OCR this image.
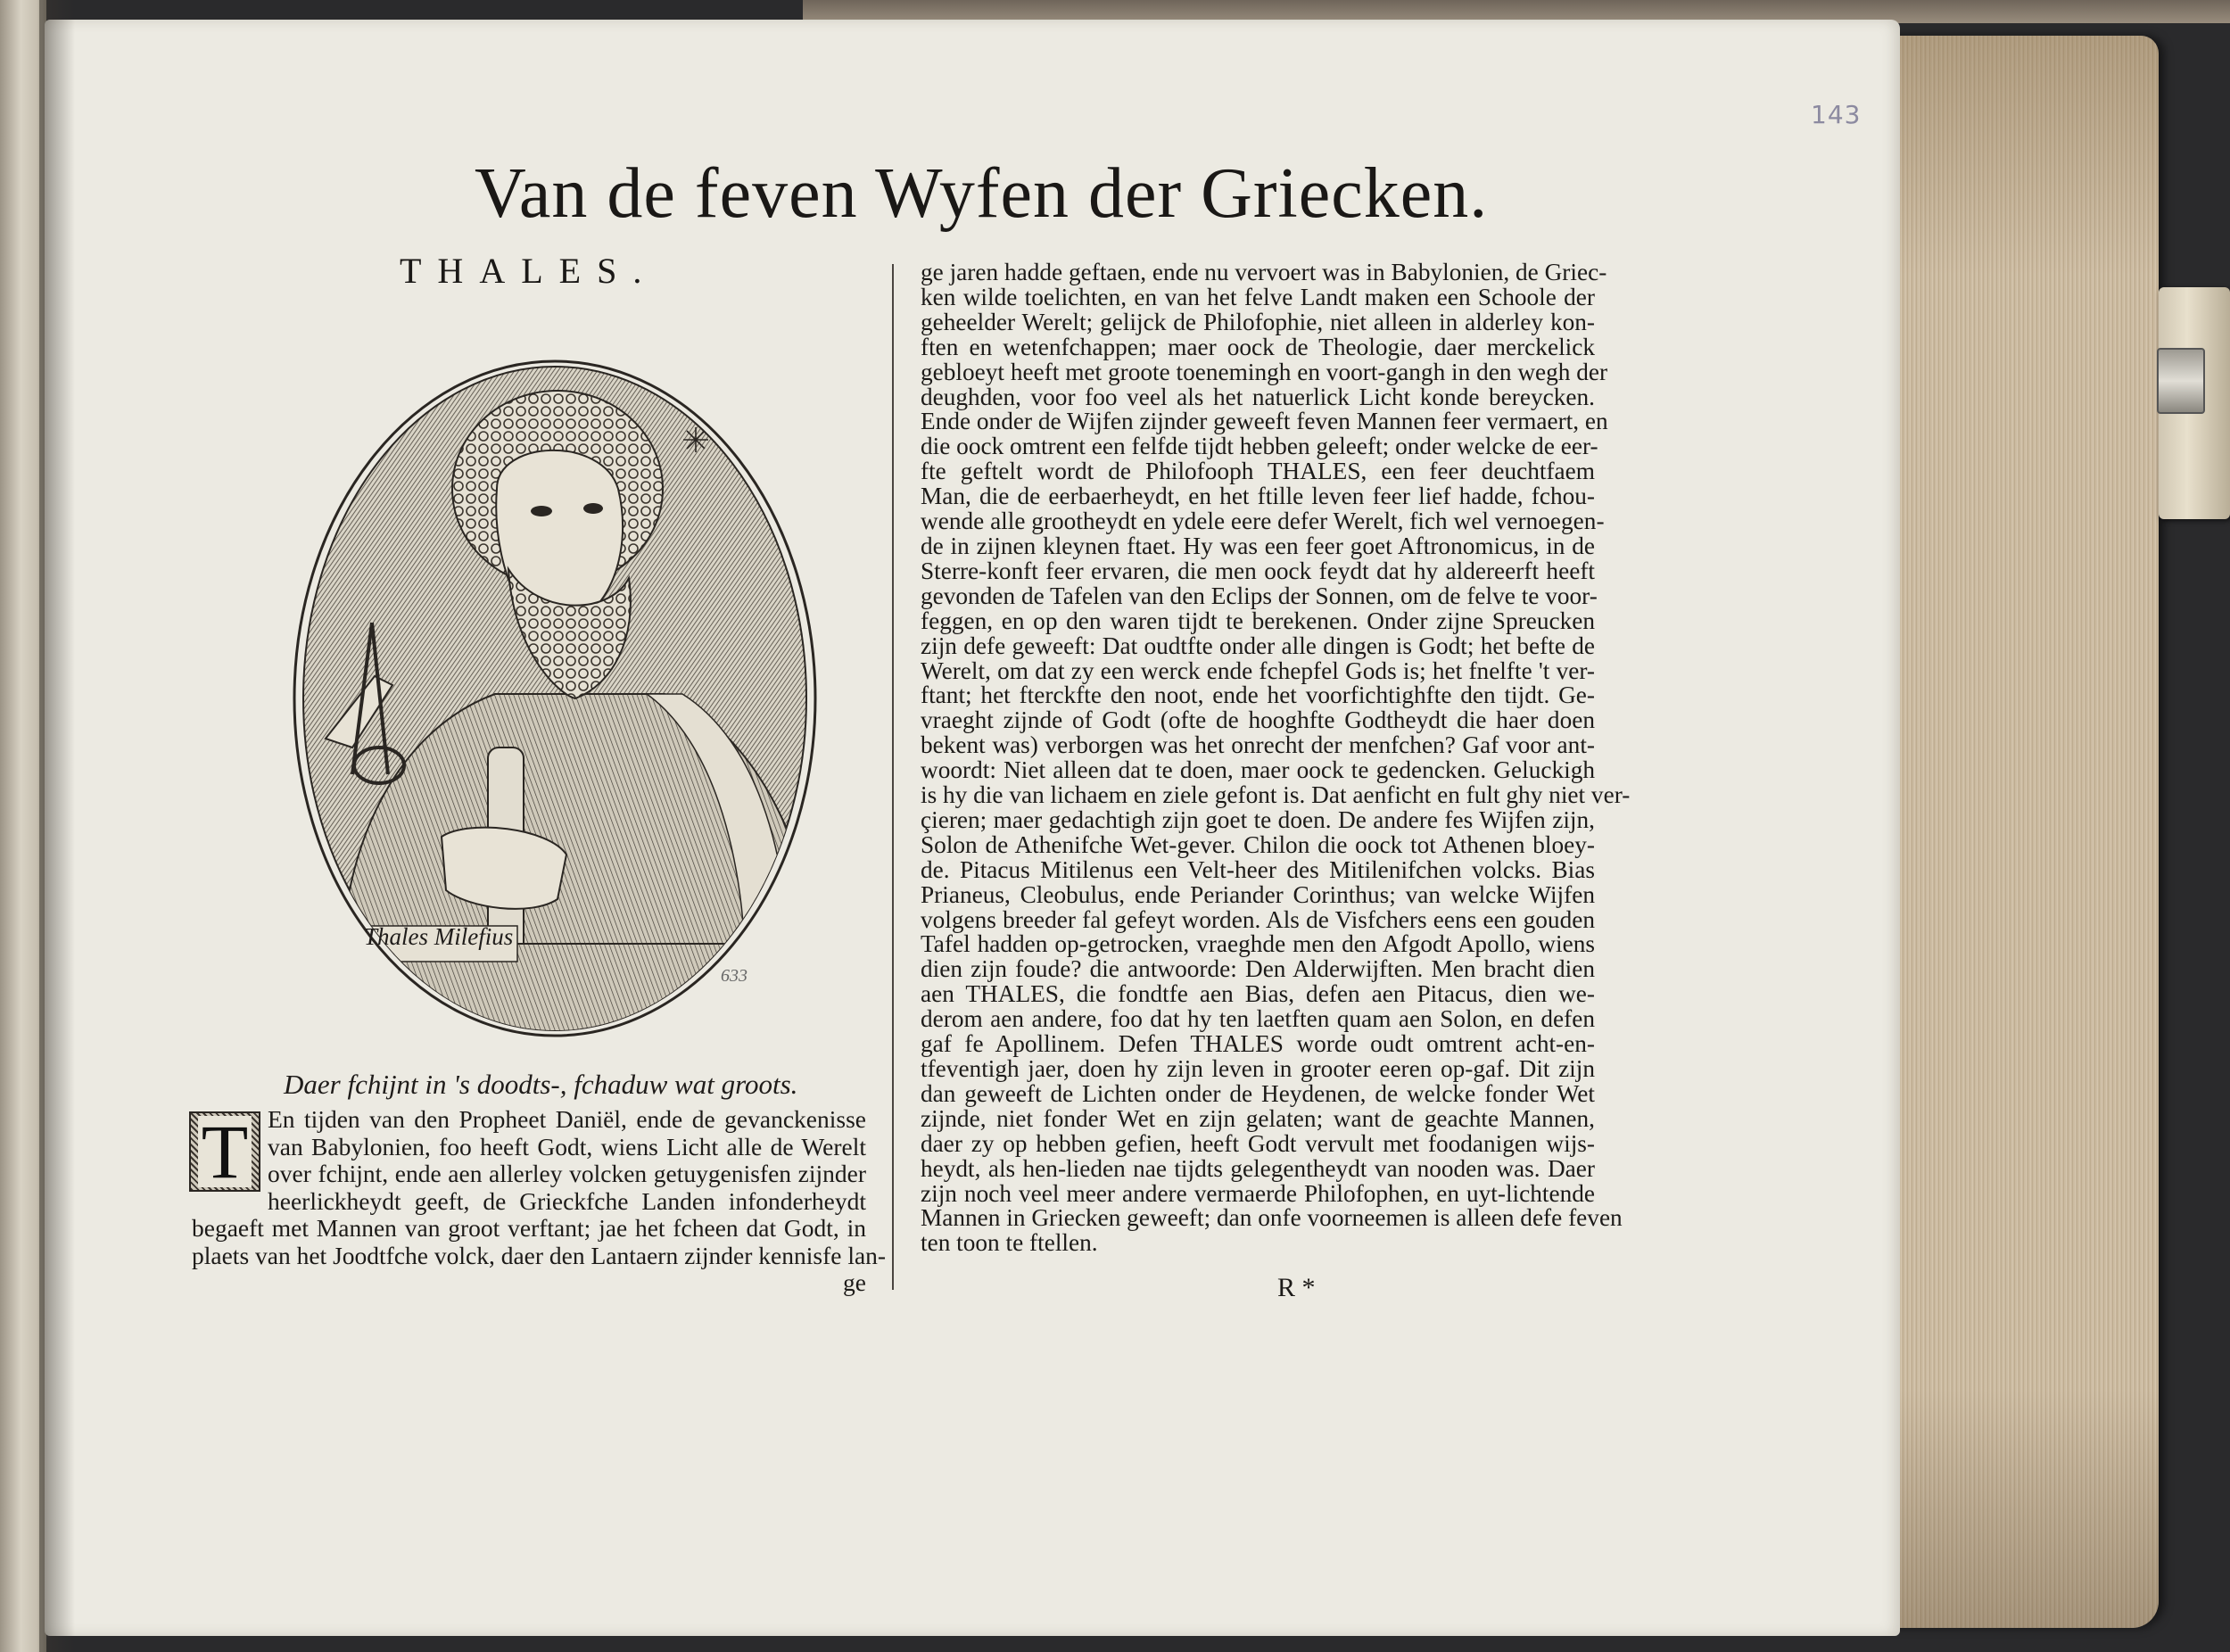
143
Van de feven Wyfen der Griecken.
THALES.
Thales Milefius
633
Daer fchijnt in 's doodts-, fchaduw wat groots.
T En tijden van den Propheet Daniël, ende de gevanckenisse
van Babylonien, foo heeft Godt, wiens Licht alle de Werelt
over fchijnt, ende aen allerley volcken getuygenisfen zijnder
heerlickheydt geeft, de Grieckfche Landen infonderheydt
begaeft met Mannen van groot verftant; jae het fcheen dat Godt, in
plaets van het Joodtfche volck, daer den Lantaern zijnder kennisfe lan-
ge
ge jaren hadde geftaen, ende nu vervoert was in Babylonien, de Griec-
ken wilde toelichten, en van het felve Landt maken een Schoole der
geheelder Werelt; gelijck de Philofophie, niet alleen in alderley kon-
ften en wetenfchappen; maer oock de Theologie, daer merckelick
gebloeyt heeft met groote toenemingh en voort-gangh in den wegh der
deughden, voor foo veel als het natuerlick Licht konde bereycken.
Ende onder de Wijfen zijnder geweeft feven Mannen feer vermaert, en
die oock omtrent een felfde tijdt hebben geleeft; onder welcke de eer-
fte geftelt wordt de Philofooph THALES, een feer deuchtfaem
Man, die de eerbaerheydt, en het ftille leven feer lief hadde, fchou-
wende alle grootheydt en ydele eere defer Werelt, fich wel vernoegen-
de in zijnen kleynen ftaet. Hy was een feer goet Aftronomicus, in de
Sterre-konft feer ervaren, die men oock feydt dat hy aldereerft heeft
gevonden de Tafelen van den Eclips der Sonnen, om de felve te voor-
feggen, en op den waren tijdt te berekenen. Onder zijne Spreucken
zijn defe geweeft: Dat oudtfte onder alle dingen is Godt; het befte de
Werelt, om dat zy een werck ende fchepfel Gods is; het fnelfte 't ver-
ftant; het fterckfte den noot, ende het voorfichtighfte den tijdt. Ge-
vraeght zijnde of Godt (ofte de hooghfte Godtheydt die haer doen
bekent was) verborgen was het onrecht der menfchen? Gaf voor ant-
woordt: Niet alleen dat te doen, maer oock te gedencken. Geluckigh
is hy die van lichaem en ziele gefont is. Dat aenficht en fult ghy niet ver-
çieren; maer gedachtigh zijn goet te doen. De andere fes Wijfen zijn,
Solon de Athenifche Wet-gever. Chilon die oock tot Athenen bloey-
de. Pitacus Mitilenus een Velt-heer des Mitilenifchen volcks. Bias
Prianeus, Cleobulus, ende Periander Corinthus; van welcke Wijfen
volgens breeder fal gefeyt worden. Als de Visfchers eens een gouden
Tafel hadden op-getrocken, vraeghde men den Afgodt Apollo, wiens
dien zijn foude? die antwoorde: Den Alderwijften. Men bracht dien
aen THALES, die fondtfe aen Bias, defen aen Pitacus, dien we-
derom aen andere, foo dat hy ten laetften quam aen Solon, en defen
gaf fe Apollinem. Defen THALES worde oudt omtrent acht-en-
tfeventigh jaer, doen hy zijn leven in grooter eeren op-gaf. Dit zijn
dan geweeft de Lichten onder de Heydenen, de welcke fonder Wet
zijnde, niet fonder Wet en zijn gelaten; want de geachte Mannen,
daer zy op hebben gefien, heeft Godt vervult met foodanigen wijs-
heydt, als hen-lieden nae tijdts gelegentheydt van nooden was. Daer
zijn noch veel meer andere vermaerde Philofophen, en uyt-lichtende
Mannen in Griecken geweeft; dan onfe voorneemen is alleen defe feven
ten toon te ftellen.
R *
